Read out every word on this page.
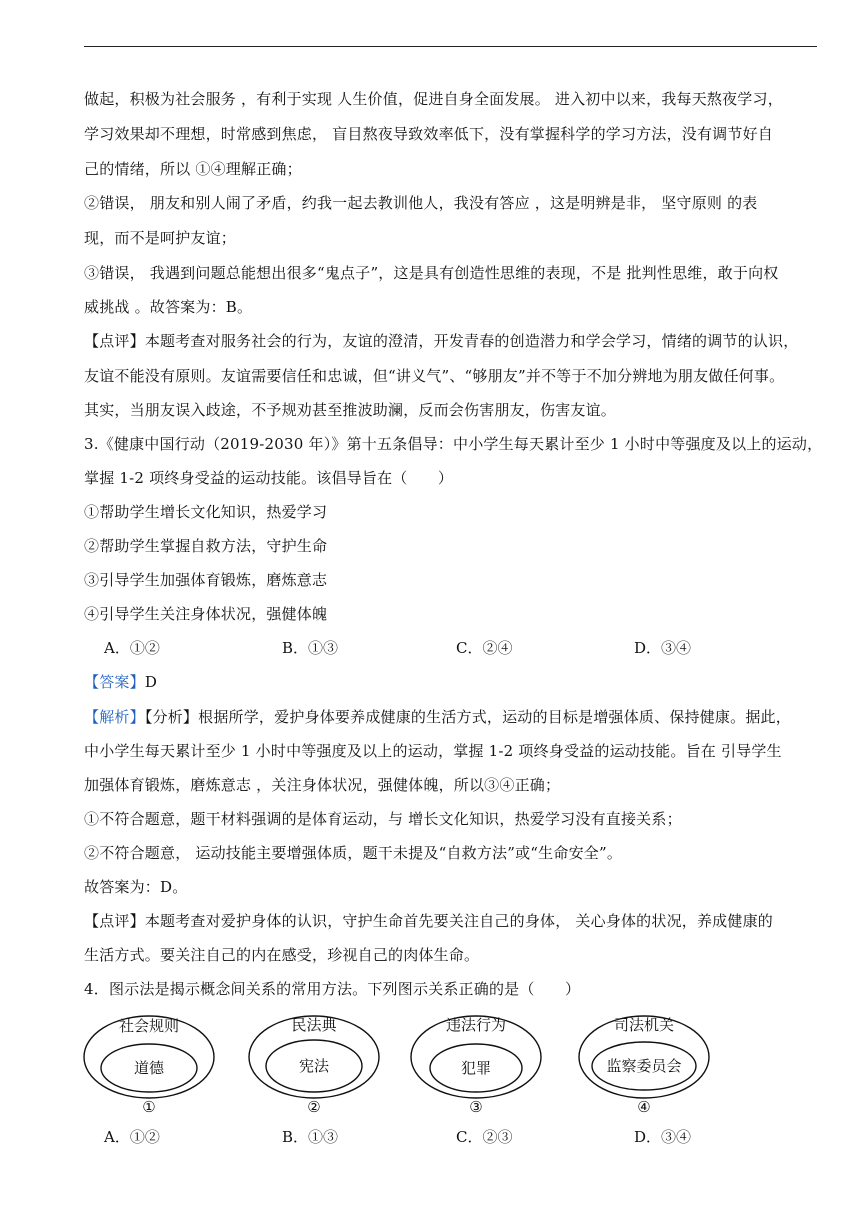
做起，积极为社会服务 ，有利于实现 人生价值，促进自身全面发展。 进入初中以来，我每天熬夜学习，
学习效果却不理想，时常感到焦虑， 盲目熬夜导致效率低下，没有掌握科学的学习方法，没有调节好自
己的情绪，所以 ①④理解正确；
②错误， 朋友和别人闹了矛盾，约我一起去教训他人，我没有答应 ，这是明辨是非， 坚守原则 的表
现，而不是呵护友谊；
③错误， 我遇到问题总能想出很多“鬼点子”，这是具有创造性思维的表现，不是 批判性思维，敢于向权
威挑战 。故答案为：B。
【点评】本题考查对服务社会的行为，友谊的澄清，开发青春的创造潜力和学会学习，情绪的调节的认识，
友谊不能没有原则。友谊需要信任和忠诚，但“讲义气”、“够朋友”并不等于不加分辨地为朋友做任何事。
其实，当朋友误入歧途，不予规劝甚至推波助澜，反而会伤害朋友，伤害友谊。
3.《健康中国行动（2019-2030 年）》第十五条倡导：中小学生每天累计至少 1 小时中等强度及以上的运动，
掌握 1-2 项终身受益的运动技能。该倡导旨在（　　）
①帮助学生增长文化知识，热爱学习
②帮助学生掌握自救方法，守护生命
③引导学生加强体育锻炼，磨炼意志
④引导学生关注身体状况，强健体魄
A．①②	B．①③	C．②④	D．③④
【答案】D
【解析】【分析】根据所学，爱护身体要养成健康的生活方式，运动的目标是增强体质、保持健康。据此，
中小学生每天累计至少 1 小时中等强度及以上的运动，掌握 1-2 项终身受益的运动技能。旨在 引导学生
加强体育锻炼，磨炼意志 ，关注身体状况，强健体魄，所以③④正确；
①不符合题意，题干材料强调的是体育运动，与 增长文化知识，热爱学习没有直接关系；
②不符合题意， 运动技能主要增强体质，题干未提及“自救方法”或“生命安全”。
故答案为：D。
【点评】本题考查对爱护身体的认识，守护生命首先要关注自己的身体， 关心身体的状况，养成健康的
生活方式。要关注自己的内在感受，珍视自己的肉体生命。
4．图示法是揭示概念间关系的常用方法。下列图示关系正确的是（　　）
社会规则
道德
①
民法典
宪法
②
违法行为
犯罪
③
司法机关
监察委员会
④
A．①②	B．①③	C．②③	D．③④
